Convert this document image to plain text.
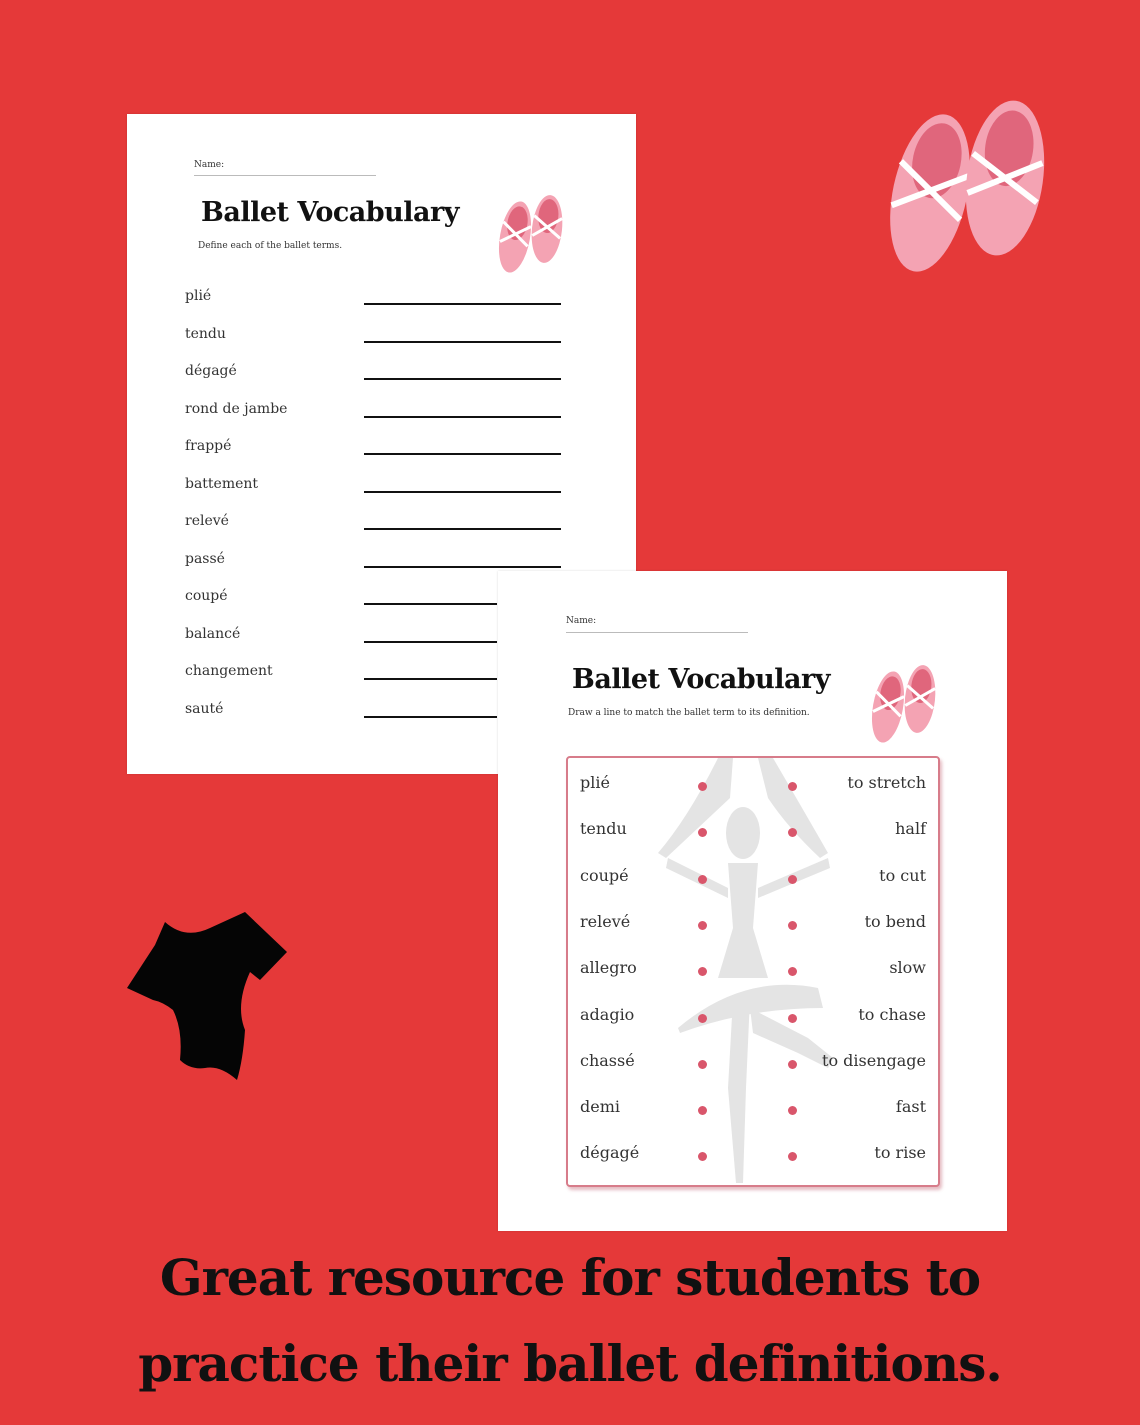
Name:
Ballet Vocabulary
Define each of the ballet terms.
plié
tendu
dégagé
rond de jambe
frappé
battement
relevé
passé
coupé
balancé
changement
sauté
Name:
Ballet Vocabulary
Draw a line to match the ballet term to its definition.
plié	to stretch
tendu	half
coupé	to cut
relevé	to bend
allegro	slow
adagio	to chase
chassé	to disengage
demi	fast
dégagé	to rise
Great resource for students to
practice their ballet definitions.
